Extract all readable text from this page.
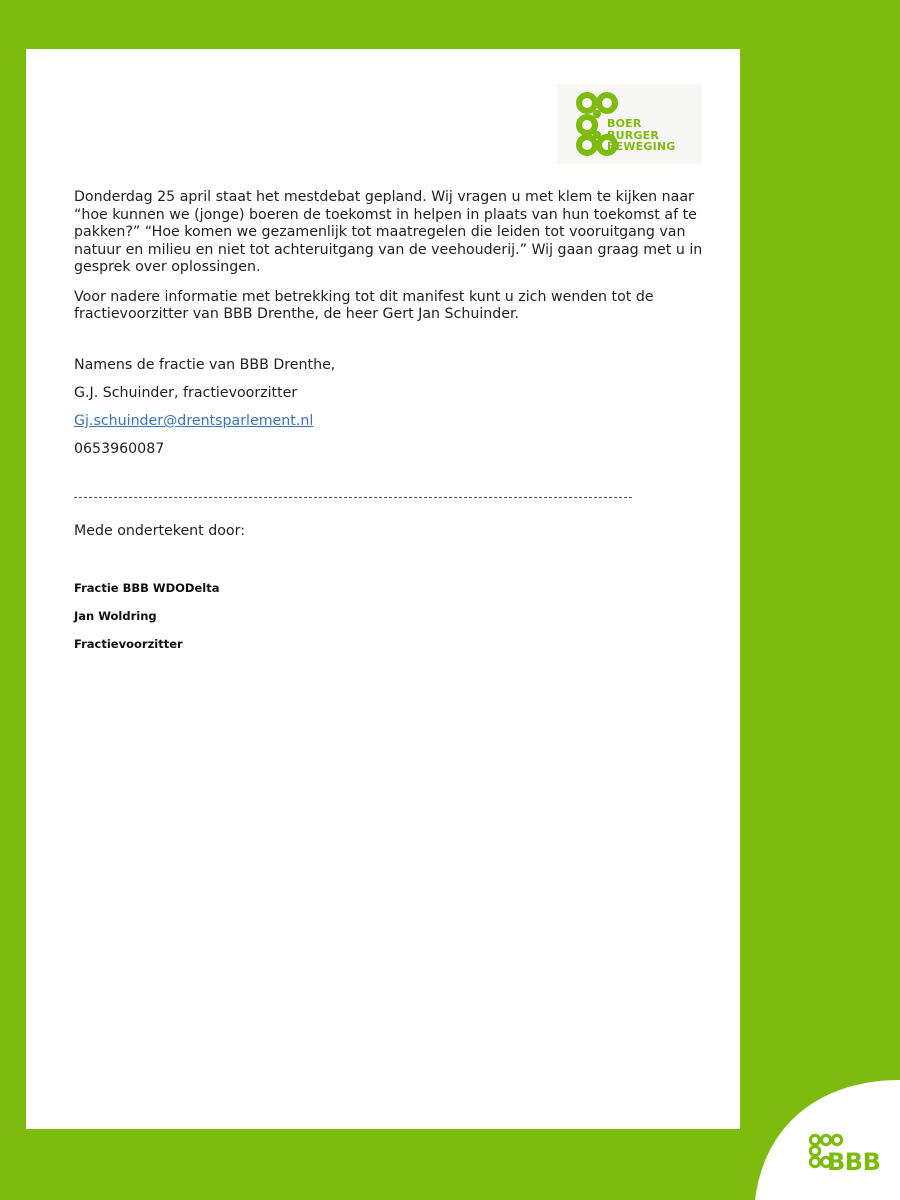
BOER
BURGER
BEWEGING

Donderdag 25 april staat het mestdebat gepland. Wij vragen u met klem te kijken naar “hoe kunnen we (jonge) boeren de toekomst in helpen in plaats van hun toekomst af te pakken?” “Hoe komen we gezamenlijk tot maatregelen die leiden tot vooruitgang van natuur en milieu en niet tot achteruitgang van de veehouderij.” Wij gaan graag met u in gesprek over oplossingen.

Voor nadere informatie met betrekking tot dit manifest kunt u zich wenden tot de fractievoorzitter van BBB Drenthe, de heer Gert Jan Schuinder.

Namens de fractie van BBB Drenthe,
G.J. Schuinder, fractievoorzitter
Gj.schuinder@drentsparlement.nl
0653960087
Mede ondertekent door:
Fractie BBB WDODelta
Jan Woldring
Fractievoorzitter
BBB
